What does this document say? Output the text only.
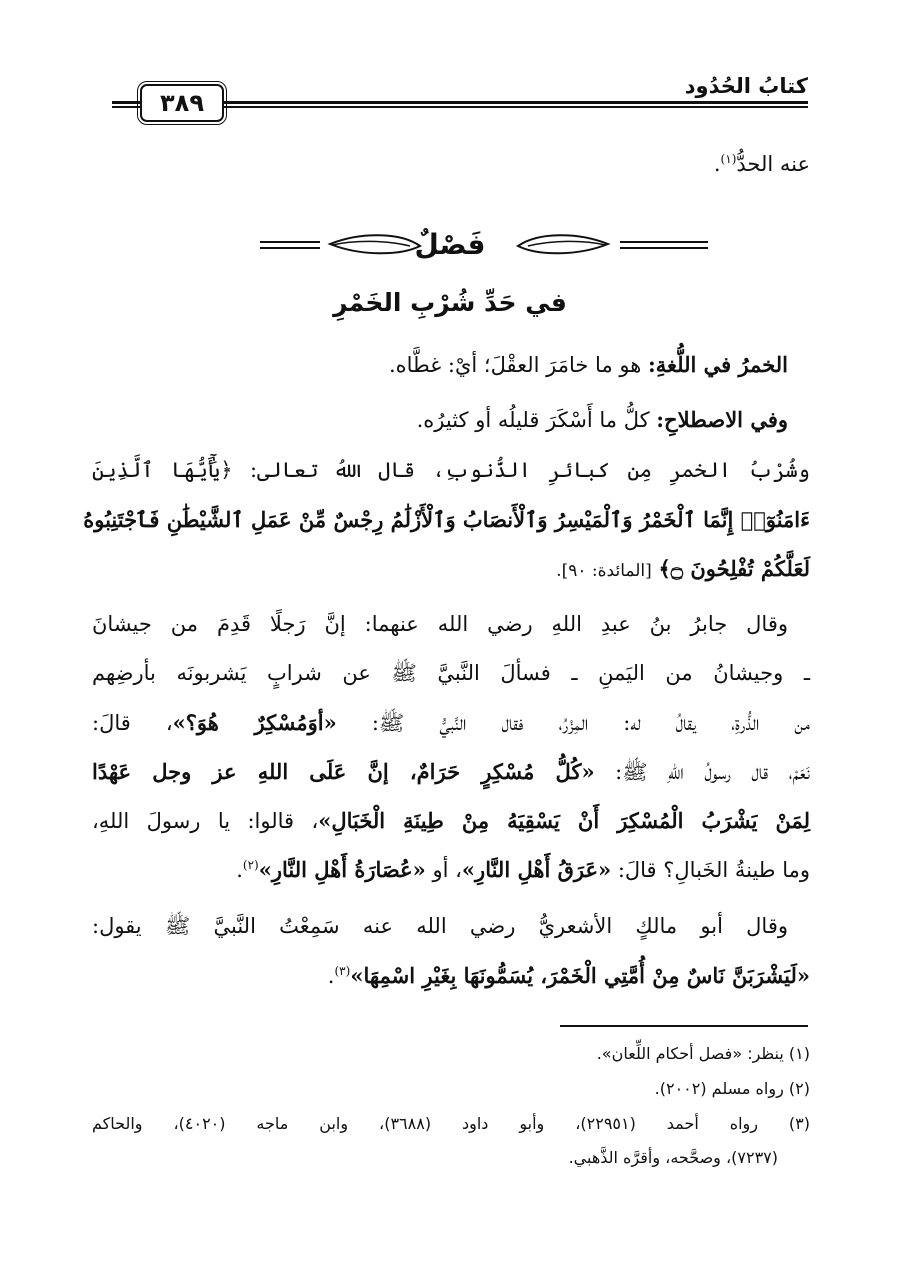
كتابُ الحُدُود
٣٨٩
عنه الحدُّ$^{(١)}$.
فَصْلٌ
في حَدِّ شُرْبِ الخَمْرِ
الخمرُ في اللُّغةِ: هو ما خامَرَ العقْلَ؛ أيْ: غطَّاه.
وفي الاصطلاحِ: كلُّ ما أَسْكَرَ قليلُه أو كثيرُه.
وشُرْبُ الخمرِ مِن كبائرِ الذُّنوبِ، قال اللهُ تعالى: ﴿يَٰٓأَيُّهَا ٱلَّذِينَ
ءَامَنُوٓا۟ إِنَّمَا ٱلْخَمْرُ وَٱلْمَيْسِرُ وَٱلْأَنصَابُ وَٱلْأَزْلَٰمُ رِجْسٌ مِّنْ عَمَلِ ٱلشَّيْطَٰنِ فَٱجْتَنِبُوهُ
لَعَلَّكُمْ تُفْلِحُونَ ۝﴾ [المائدة: ٩٠].
وقال جابرُ بنُ عبدِ اللهِ رضي الله عنهما: إنَّ رَجلًا قَدِمَ من جيشانَ
ـ وجيشانُ من اليَمنِ ـ فسألَ النَّبيَّ ﷺ عن شرابٍ يَشربونَه بأرضِهم
من الذُّرةِ، يقالُ له: المِزْرُ، فقال النَّبيُّ ﷺ: «أوَمُسْكِرٌ هُوَ؟»، قالَ:
نَعَمْ، قال رسولُ اللهِ ﷺ: «كُلُّ مُسْكِرٍ حَرَامٌ، إنَّ عَلَى اللهِ عز وجل عَهْدًا
لِمَنْ يَشْرَبُ الْمُسْكِرَ أَنْ يَسْقِيَهُ مِنْ طِينَةِ الْخَبَالِ»، قالوا: يا رسولَ اللهِ،
وما طينةُ الخَبالِ؟ قالَ: «عَرَقُ أَهْلِ النَّارِ»، أو «عُصَارَةُ أَهْلِ النَّارِ»$^{(٢)}$.
وقال أبو مالكٍ الأشعريُّ رضي الله عنه سَمِعْتُ النَّبيَّ ﷺ يقول:
«لَيَشْرَبَنَّ نَاسٌ مِنْ أُمَّتِي الْخَمْرَ، يُسَمُّونَهَا بِغَيْرِ اسْمِهَا»$^{(٣)}$.
(١) ينظر: «فصل أحكام اللِّعان».
(٢) رواه مسلم (٢٠٠٢).
(٣) رواه أحمد (٢٢٩٥١)، وأبو داود (٣٦٨٨)، وابن ماجه (٤٠٢٠)، والحاكم
(٧٢٣٧)، وصحَّحه، وأقرَّه الذَّهبي.
